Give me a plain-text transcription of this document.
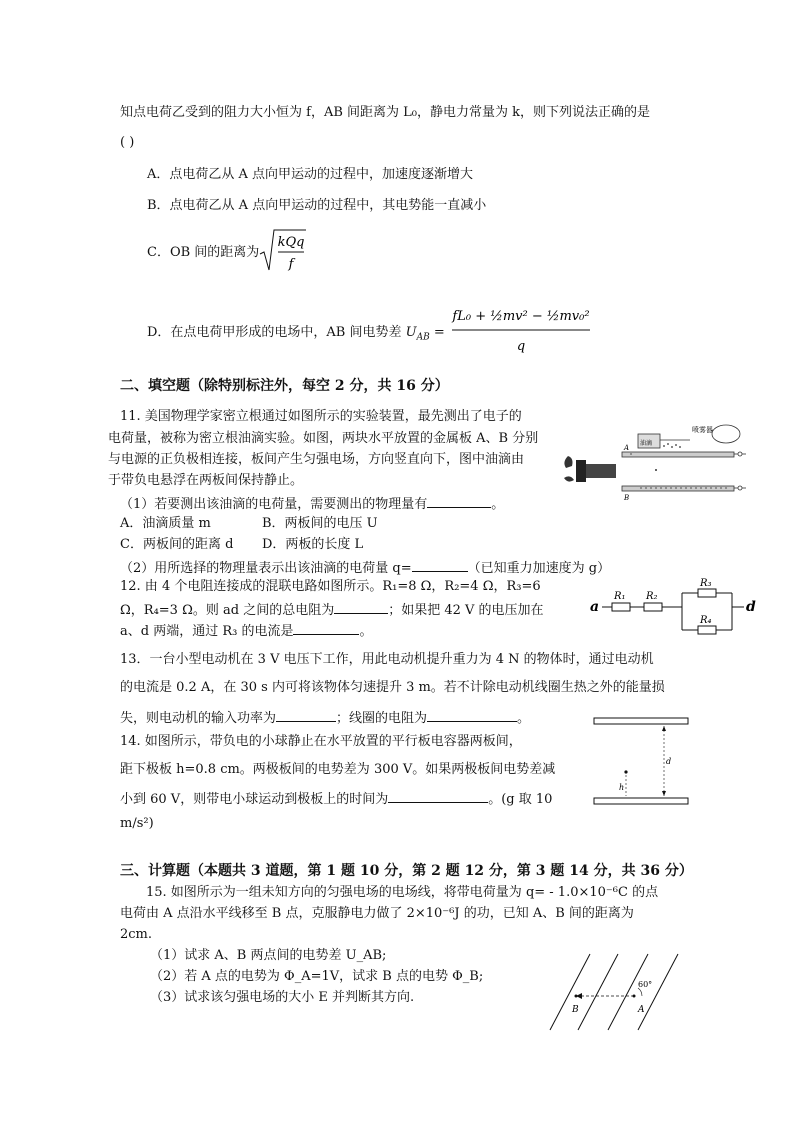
知点电荷乙受到的阻力大小恒为 f，AB 间距离为 L₀，静电力常量为 k，则下列说法正确的是
( )
A．点电荷乙从 A 点向甲运动的过程中，加速度逐渐增大
B．点电荷乙从 A 点向甲运动的过程中，其电势能一直减小
C．OB 间的距离为
kQq
f
D．在点电荷甲形成的电场中，AB 间电势差 $U_{AB}$ =
fL₀ + ½mv² − ½mv₀²
q
二、填空题（除特别标注外，每空 2 分，共 16 分）
11. 美国物理学家密立根通过如图所示的实验装置，最先测出了电子的
电荷量，被称为密立根油滴实验。如图，两块水平放置的金属板 A、B 分别
与电源的正负极相连接，板间产生匀强电场，方向竖直向下，图中油滴由
于带负电悬浮在两板间保持静止。
（1）若要测出该油滴的电荷量，需要测出的物理量有	。
A．油滴质量 m	B．两板间的电压 U
C．两板间的距离 d D．两板的长度 L
（2）用所选择的物理量表示出该油滴的电荷量 q=	（已知重力加速度为 g）
喷雾器
油滴
A
B
12. 由 4 个电阻连接成的混联电路如图所示。R₁=8 Ω，R₂=4 Ω，R₃=6
Ω，R₄=3 Ω。则 ad 之间的总电阻为	；如果把 42 V 的电压加在
a、d 两端，通过 R₃ 的电流是	。
a	d
R₁ R₂
R₃
R₄
13．一台小型电动机在 3 V 电压下工作，用此电动机提升重力为 4 N 的物体时，通过电动机
的电流是 0.2 A，在 30 s 内可将该物体匀速提升 3 m。若不计除电动机线圈生热之外的能量损
失，则电动机的输入功率为	；线圈的电阻为	。
14. 如图所示，带负电的小球静止在水平放置的平行板电容器两板间，
距下极板 h=0.8 cm。两极板间的电势差为 300 V。如果两极板间电势差减
小到 60 V，则带电小球运动到极板上的时间为	。(g 取 10
m/s²)
d
h
三、计算题（本题共 3 道题，第 1 题 10 分，第 2 题 12 分，第 3 题 14 分，共 36 分）
15. 如图所示为一组未知方向的匀强电场的电场线，将带电荷量为 q= - 1.0×10⁻⁶C 的点
电荷由 A 点沿水平线移至 B 点，克服静电力做了 2×10⁻⁶J 的功，已知 A、B 间的距离为
2cm.
（1）试求 A、B 两点间的电势差 U_AB;
（2）若 A 点的电势为 Φ_A=1V，试求 B 点的电势 Φ_B;
（3）试求该匀强电场的大小 E 并判断其方向.
60°
B	A
